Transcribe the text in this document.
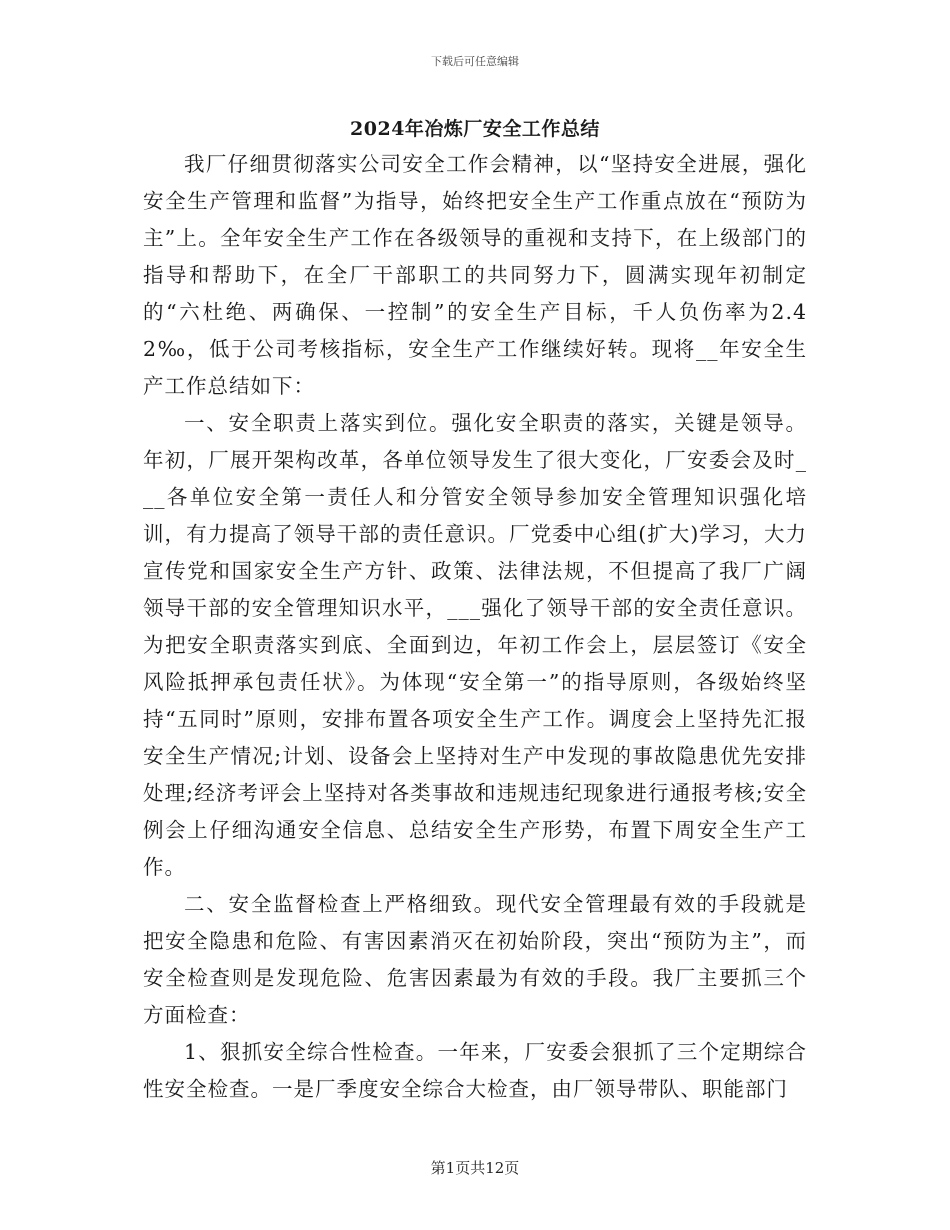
下载后可任意编辑
2024年冶炼厂安全工作总结

我厂仔细贯彻落实公司安全工作会精神，以“坚持安全进展，强化安全生产管理和监督”为指导，始终把安全生产工作重点放在“预防为主”上。全年安全生产工作在各级领导的重视和支持下，在上级部门的指导和帮助下，在全厂干部职工的共同努力下，圆满实现年初制定的“六杜绝、两确保、一控制”的安全生产目标，千人负伤率为2.42‰，低于公司考核指标，安全生产工作继续好转。现将__年安全生产工作总结如下：

一、安全职责上落实到位。强化安全职责的落实，关键是领导。年初，厂展开架构改革，各单位领导发生了很大变化，厂安委会及时___各单位安全第一责任人和分管安全领导参加安全管理知识强化培训，有力提高了领导干部的责任意识。厂党委中心组(扩大)学习，大力宣传党和国家安全生产方针、政策、法律法规，不但提高了我厂广阔领导干部的安全管理知识水平，___强化了领导干部的安全责任意识。为把安全职责落实到底、全面到边，年初工作会上，层层签订《安全风险抵押承包责任状》。为体现“安全第一”的指导原则，各级始终坚持“五同时”原则，安排布置各项安全生产工作。调度会上坚持先汇报安全生产情况;计划、设备会上坚持对生产中发现的事故隐患优先安排处理;经济考评会上坚持对各类事故和违规违纪现象进行通报考核;安全例会上仔细沟通安全信息、总结安全生产形势，布置下周安全生产工作。

二、安全监督检查上严格细致。现代安全管理最有效的手段就是把安全隐患和危险、有害因素消灭在初始阶段，突出“预防为主”，而安全检查则是发现危险、危害因素最为有效的手段。我厂主要抓三个方面检查：

1、狠抓安全综合性检查。一年来，厂安委会狠抓了三个定期综合性安全检查。一是厂季度安全综合大检查，由厂领导带队、职能部门

第1页共12页
